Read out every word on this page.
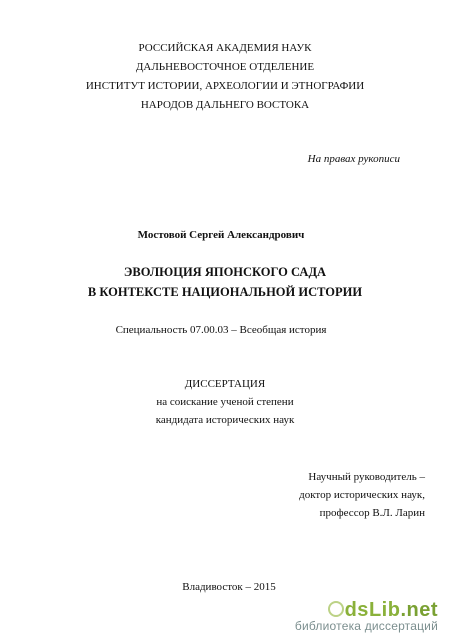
РОССИЙСКАЯ АКАДЕМИЯ НАУК
ДАЛЬНЕВОСТОЧНОЕ ОТДЕЛЕНИЕ
ИНСТИТУТ ИСТОРИИ, АРХЕОЛОГИИ И ЭТНОГРАФИИ
НАРОДОВ ДАЛЬНЕГО ВОСТОКА
На правах рукописи
Мостовой Сергей Александрович
ЭВОЛЮЦИЯ ЯПОНСКОГО САДА
В КОНТЕКСТЕ НАЦИОНАЛЬНОЙ ИСТОРИИ
Специальность 07.00.03 – Всеобщая история
ДИССЕРТАЦИЯ
на соискание ученой степени
кандидата исторических наук
Научный руководитель –
доктор исторических наук,
профессор В.Л. Ларин
Владивосток – 2015
dsLib.net
библиотека диссертаций
